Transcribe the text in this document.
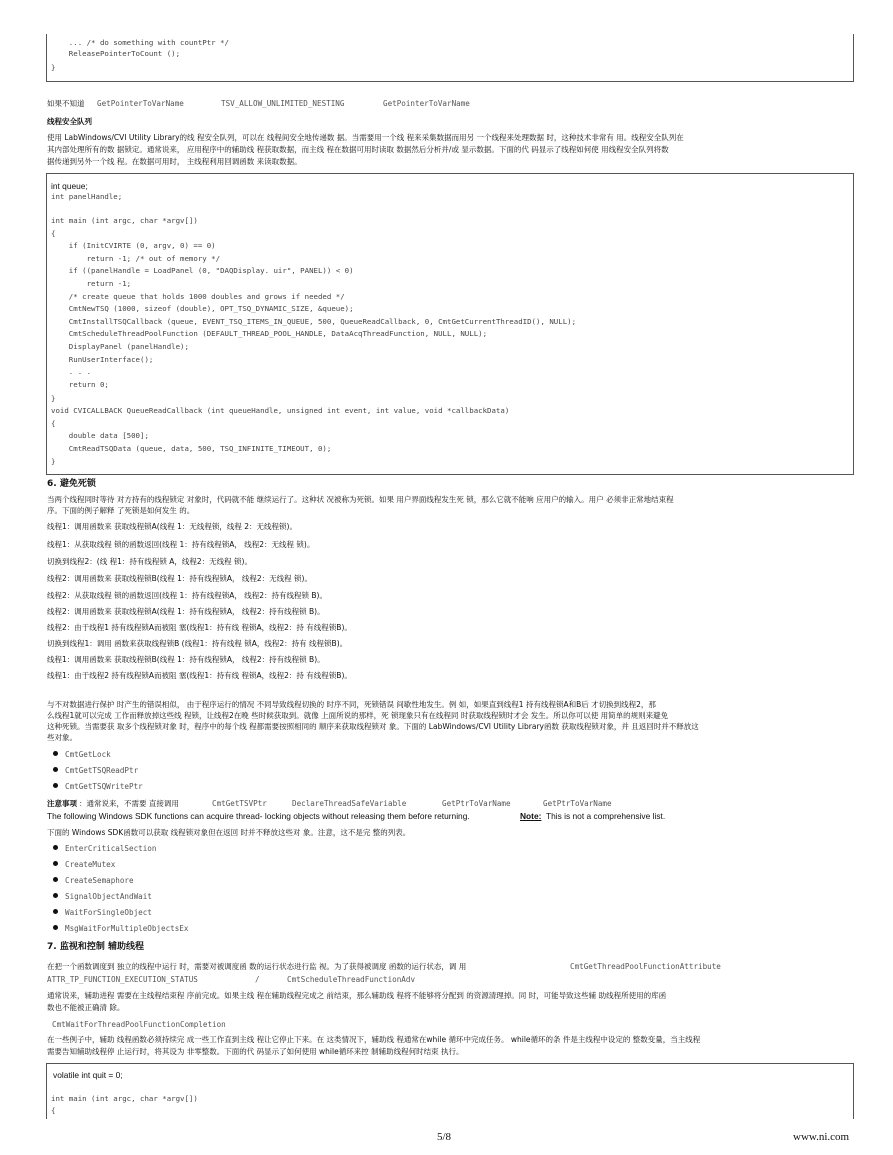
... /* do something with countPtr */
ReleasePointerToCount ();
}
如果不知道 GetPointerToVarName	TSV_ALLOW_UNLIMITED_NESTING	GetPointerToVarName
线程安全队列
使用 LabWindows/CVI Utility Library的线 程安全队列，可以在 线程间安全地传递数 据。当需要用一个线 程来采集数据而用另 一个线程来处理数据 时，这种技术非常有 用。线程安全队列在
其内部处理所有的数 据锁定。通常说来， 应用程序中的辅助线 程获取数据，而主线 程在数据可用时读取 数据然后分析并/或 显示数据。下面的代 码显示了线程如何使 用线程安全队列将数
据传递到另外一个线 程。在数据可用时， 主线程利用回调函数 来读取数据。
int queue;
int panelHandle;
int main (int argc, char *argv[])
{
if (InitCVIRTE (0, argv, 0) == 0)
return -1; /* out of memory */
if ((panelHandle = LoadPanel (0, "DAQDisplay. uir", PANEL)) < 0)
return -1;
/* create queue that holds 1000 doubles and grows if needed */
CmtNewTSQ (1000, sizeof (double), OPT_TSQ_DYNAMIC_SIZE, &queue);
CmtInstallTSQCallback (queue, EVENT_TSQ_ITEMS_IN_QUEUE, 500, QueueReadCallback, 0, CmtGetCurrentThreadID(), NULL);
CmtScheduleThreadPoolFunction (DEFAULT_THREAD_POOL_HANDLE, DataAcqThreadFunction, NULL, NULL);
DisplayPanel (panelHandle);
RunUserInterface();
. . .
return 0;
}
void CVICALLBACK QueueReadCallback (int queueHandle, unsigned int event, int value, void *callbackData)
{
double data [500];
CmtReadTSQData (queue, data, 500, TSQ_INFINITE_TIMEOUT, 0);
}
6. 避免死锁
当两个线程同时等待 对方持有的线程锁定 对象时，代码就不能 继续运行了。这种状 况被称为死锁。如果 用户界面线程发生死 锁，那么它就不能响 应用户的输入。用户 必须非正常地结束程
序。下面的例子解释 了死锁是如何发生 的。
线程1：调用函数来 获取线程锁A(线程 1：无线程锁，线程 2：无线程锁)。
线程1：从获取线程 锁的函数返回(线程 1：持有线程锁A， 线程2：无线程 锁)。
切换到线程2：(线 程1：持有线程锁 A，线程2：无线程 锁)。
线程2：调用函数来 获取线程锁B(线程 1：持有线程锁A， 线程2：无线程 锁)。
线程2：从获取线程 锁的函数返回(线程 1：持有线程锁A， 线程2：持有线程锁 B)。
线程2：调用函数来 获取线程锁A(线程 1：持有线程锁A， 线程2：持有线程锁 B)。
线程2：由于线程1 持有线程锁A而被阻 塞(线程1：持有线 程锁A，线程2：持 有线程锁B)。
切换到线程1：调用 函数来获取线程锁B (线程1：持有线程 锁A，线程2：持有 线程锁B)。
线程1：调用函数来 获取线程锁B(线程 1：持有线程锁A， 线程2：持有线程锁 B)。
线程1：由于线程2 持有线程锁A而被阻 塞(线程1：持有线 程锁A，线程2：持 有线程锁B)。
与不对数据进行保护 时产生的错误相似， 由于程序运行的情况 不同导致线程切换的 时序不同，死锁错误 间歇性地发生。例 如，如果直到线程1 持有线程锁A和B后 才切换到线程2，那
么线程1就可以完成 工作而释放掉这些线 程锁，让线程2在晚 些时候获取到。就像 上面所说的那样，死 锁现象只有在线程同 时获取线程锁时才会 发生。所以你可以使 用简单的规则来避免
这种死锁。当需要获 取多个线程锁对象 时，程序中的每个线 程都需要按照相同的 顺序来获取线程锁对 象。下面的 LabWindows/CVI Utility Library函数 获取线程锁对象，并 且返回时并不释放这
些对象。
CmtGetLock
CmtGetTSQReadPtr
CmtGetTSQWritePtr
注意事项 ：通常说来，不需要 直接调用	CmtGetTSVPtr	DeclareThreadSafeVariable	GetPtrToVarName	GetPtrToVarName
The following Windows SDK functions can acquire thread- locking objects without releasing them before returning.	Note: This is not a comprehensive list.
下面的 Windows SDK函数可以获取 线程锁对象但在返回 时并不释放这些对 象。注意，这不是完 整的列表。
EnterCriticalSection
CreateMutex
CreateSemaphore
SignalObjectAndWait
WaitForSingleObject
MsgWaitForMultipleObjectsEx
7. 监视和控制 辅助线程
在把一个函数调度到 独立的线程中运行 时，需要对被调度函 数的运行状态进行监 视。为了获得被调度 函数的运行状态，调 用	CmtGetThreadPoolFunctionAttribute
ATTR_TP_FUNCTION_EXECUTION_STATUS	/	CmtScheduleThreadFunctionAdv
通常说来，辅助进程 需要在主线程结束程 序前完成。如果主线 程在辅助线程完成之 前结束，那么辅助线 程将不能够将分配到 的资源清理掉。同 时，可能导致这些辅 助线程所使用的库函
数也不能被正确清 除。
CmtWaitForThreadPoolFunctionCompletion
在一些例子中，辅助 线程函数必须持续完 成一些工作直到主线 程让它停止下来。在 这类情况下，辅助线 程通常在while 循环中完成任务。 while循环的条 件是主线程中设定的 整数变量，当主线程
需要告知辅助线程停 止运行时，将其设为 非零整数。下面的代 码显示了如何使用 while循环来控 制辅助线程何时结束 执行。
volatile int quit = 0;
int main (int argc, char *argv[])
{
5/8	www.ni.com
